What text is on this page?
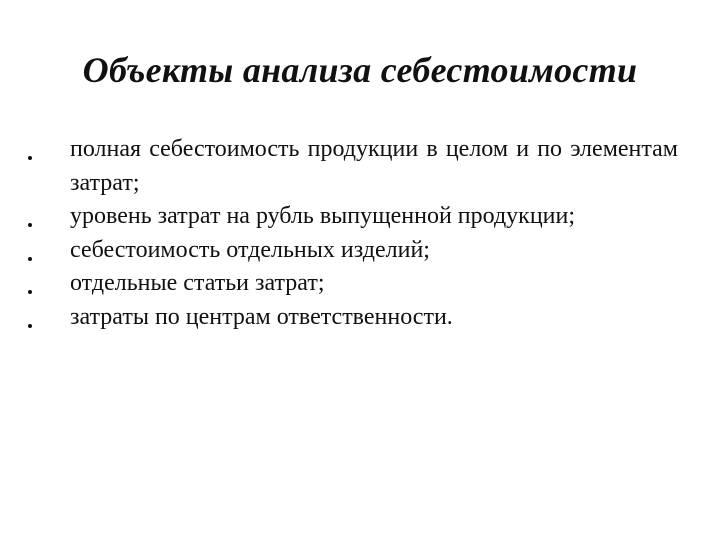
Объекты анализа себестоимости
полная себестоимость продукции в целом и по элементам затрат;
уровень затрат на рубль выпущенной продукции;
себестоимость отдельных изделий;
отдельные статьи затрат;
затраты по центрам ответственности.
